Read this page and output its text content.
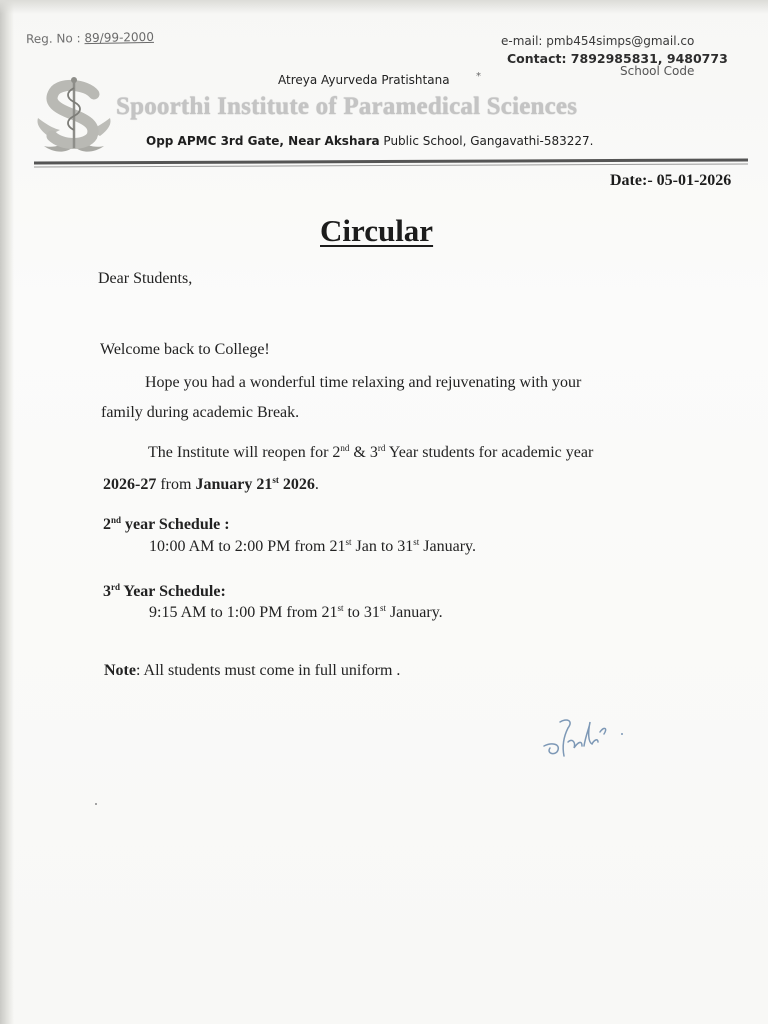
Reg. No : 89/99-2000	e-mail: pmb454simps@gmail.co
Contact: 7892985831, 9480773
School Code
Atreya Ayurveda Pratishtana	*
Spoorthi Institute of Paramedical Sciences
Opp APMC 3rd Gate, Near Akshara Public School, Gangavathi-583227.
Date:- 05-01-2026
Circular
Dear Students,
Welcome back to College!
Hope you had a wonderful time relaxing and rejuvenating with your
family during academic Break.
The Institute will reopen for 2nd & 3rd Year students for academic year
2026-27 from January 21st 2026.
2nd year Schedule :
10:00 AM to 2:00 PM from 21st Jan to 31st January.
3rd Year Schedule:
9:15 AM to 1:00 PM from 21st to 31st January.
Note: All students must come in full uniform .
